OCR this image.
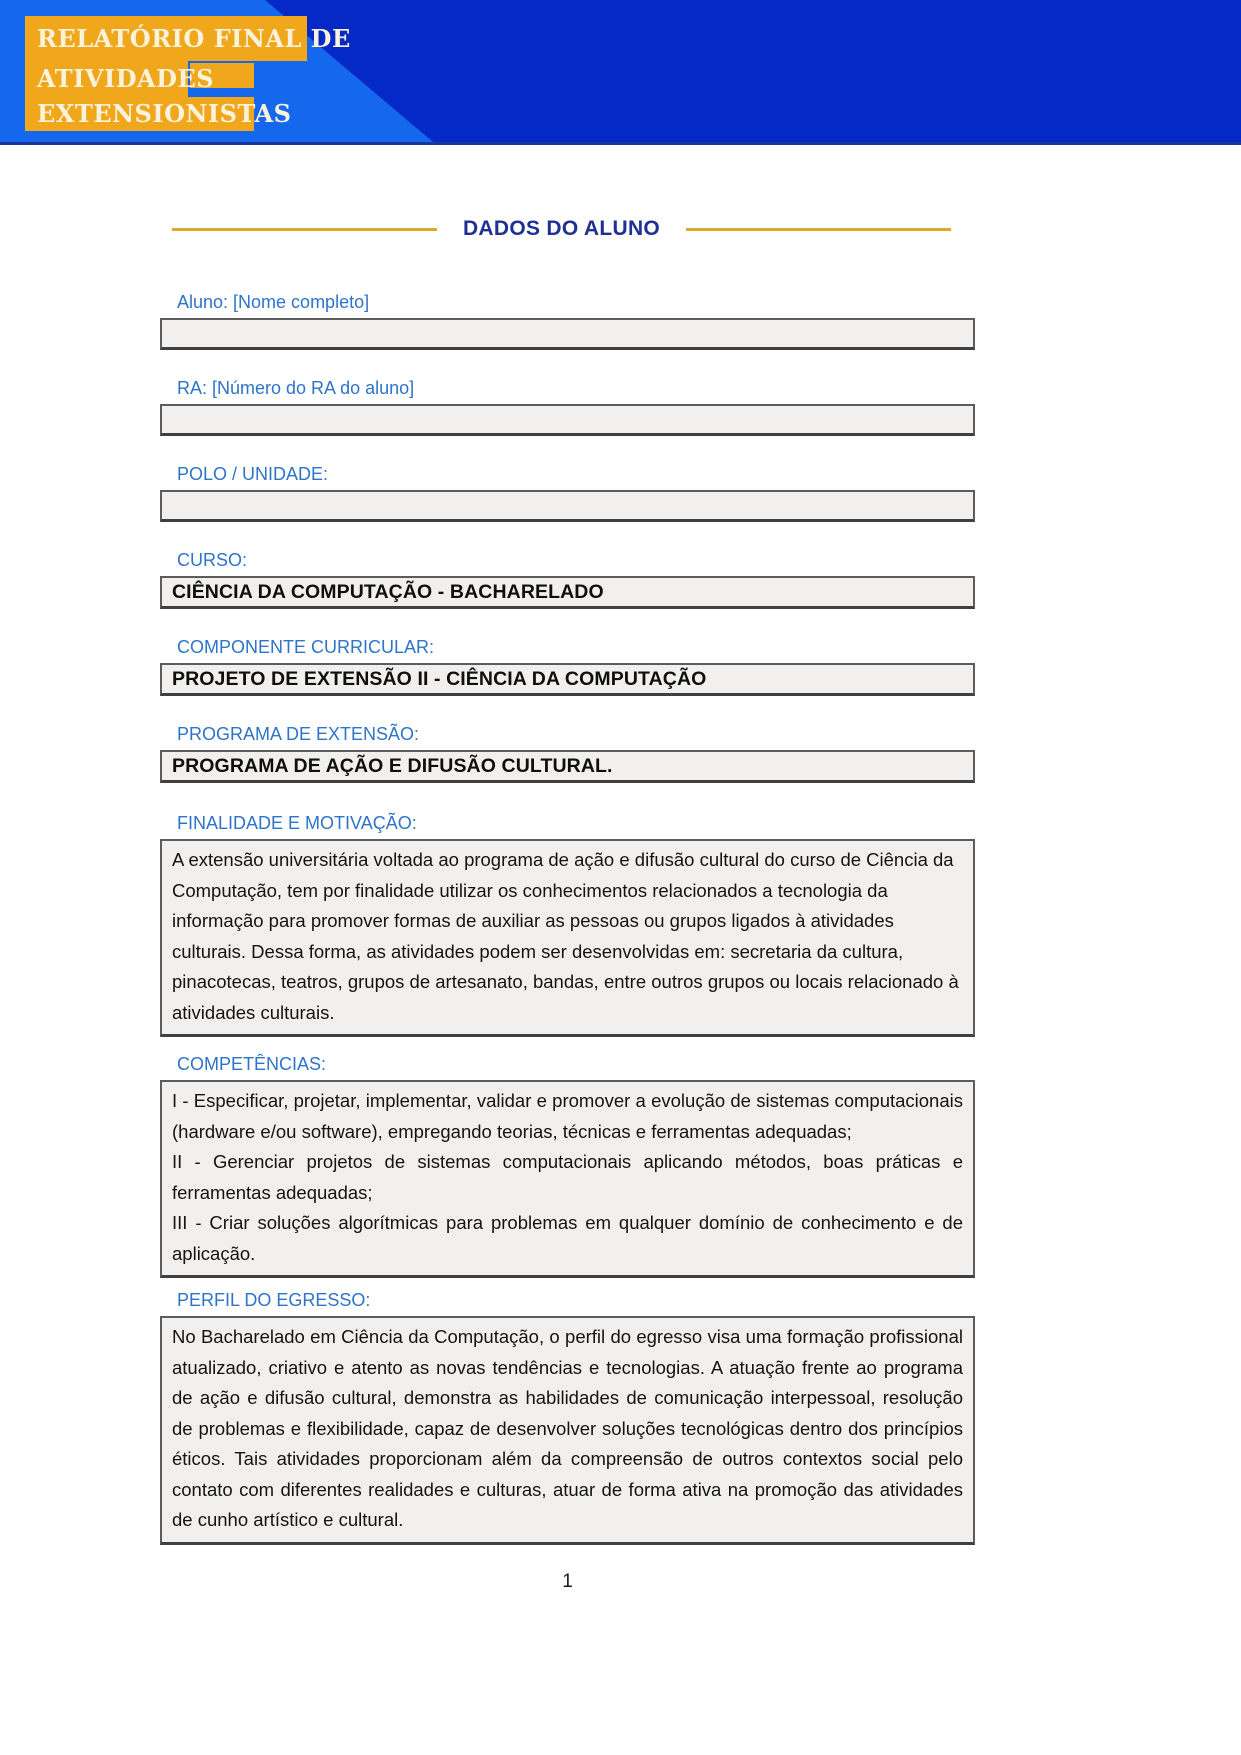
RELATÓRIO FINAL DE
ATIVIDADES
EXTENSIONISTAS
DADOS DO ALUNO
Aluno: [Nome completo]
RA: [Número do RA do aluno]
POLO / UNIDADE:
CURSO:
CIÊNCIA DA COMPUTAÇÃO - BACHARELADO
COMPONENTE CURRICULAR:
PROJETO DE EXTENSÃO II - CIÊNCIA DA COMPUTAÇÃO
PROGRAMA DE EXTENSÃO:
PROGRAMA DE AÇÃO E DIFUSÃO CULTURAL.
FINALIDADE E MOTIVAÇÃO:
A extensão universitária voltada ao programa de ação e difusão cultural do curso de Ciência da Computação, tem por finalidade utilizar os conhecimentos relacionados a tecnologia da informação para promover formas de auxiliar as pessoas ou grupos ligados à atividades culturais. Dessa forma, as atividades podem ser desenvolvidas em: secretaria da cultura, pinacotecas, teatros, grupos de artesanato, bandas, entre outros grupos ou locais relacionado à atividades culturais.
COMPETÊNCIAS:
I - Especificar, projetar, implementar, validar e promover a evolução de sistemas computacionais (hardware e/ou software), empregando teorias, técnicas e ferramentas adequadas;
II - Gerenciar projetos de sistemas computacionais aplicando métodos, boas práticas e ferramentas adequadas;
III - Criar soluções algorítmicas para problemas em qualquer domínio de conhecimento e de aplicação.
PERFIL DO EGRESSO:
No Bacharelado em Ciência da Computação, o perfil do egresso visa uma formação profissional atualizado, criativo e atento as novas tendências e tecnologias. A atuação frente ao programa de ação e difusão cultural, demonstra as habilidades de comunicação interpessoal, resolução de problemas e flexibilidade, capaz de desenvolver soluções tecnológicas dentro dos princípios éticos. Tais atividades proporcionam além da compreensão de outros contextos social pelo contato com diferentes realidades e culturas, atuar de forma ativa na promoção das atividades de cunho artístico e cultural.
1
